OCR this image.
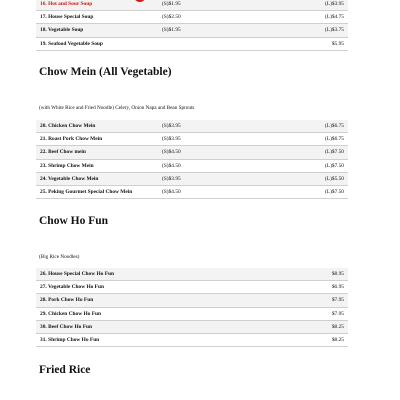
16. Hot and Sour Soup	(S)$1.95	(L)$3.95
17. House Special Soup	(S)$2.50	(L)$4.75
18. Vegetable Soup	(S)$1.95	(L)$3.75
19. Seafood Vegetable Soup	$5.95
Chow Mein (All Vegetable)
(with White Rice and Fried Noodle) Celery, Onion Napa and Bean Sprouts
20. Chicken Chow Mein	(S)$3.95	(L)$6.75
21. Roast Pork Chow Mein	(S)$3.95	(L)$6.75
22. Beef Chow mein	(S)$4.50	(L)$7.50
23. Shrimp Chow Mein	(S)$4.50	(L)$7.50
24. Vegetable Chow Mein	(S)$3.95	(L)$5.50
25. Peking Gourmet Special Chow Mein	(S)$4.50	(L)$7.50
Chow Ho Fun
(Big Rice Noodles)
26. House Special Chow Ho Fun	$8.95
27. Vegetable Chow Ho Fun	$6.95
28. Pork Chow Ho Fun	$7.95
29. Chicken Chow Ho Fun	$7.95
30. Beef Chow Ho Fun	$8.25
31. Shrimp Chow Ho Fun	$8.25
Fried Rice
